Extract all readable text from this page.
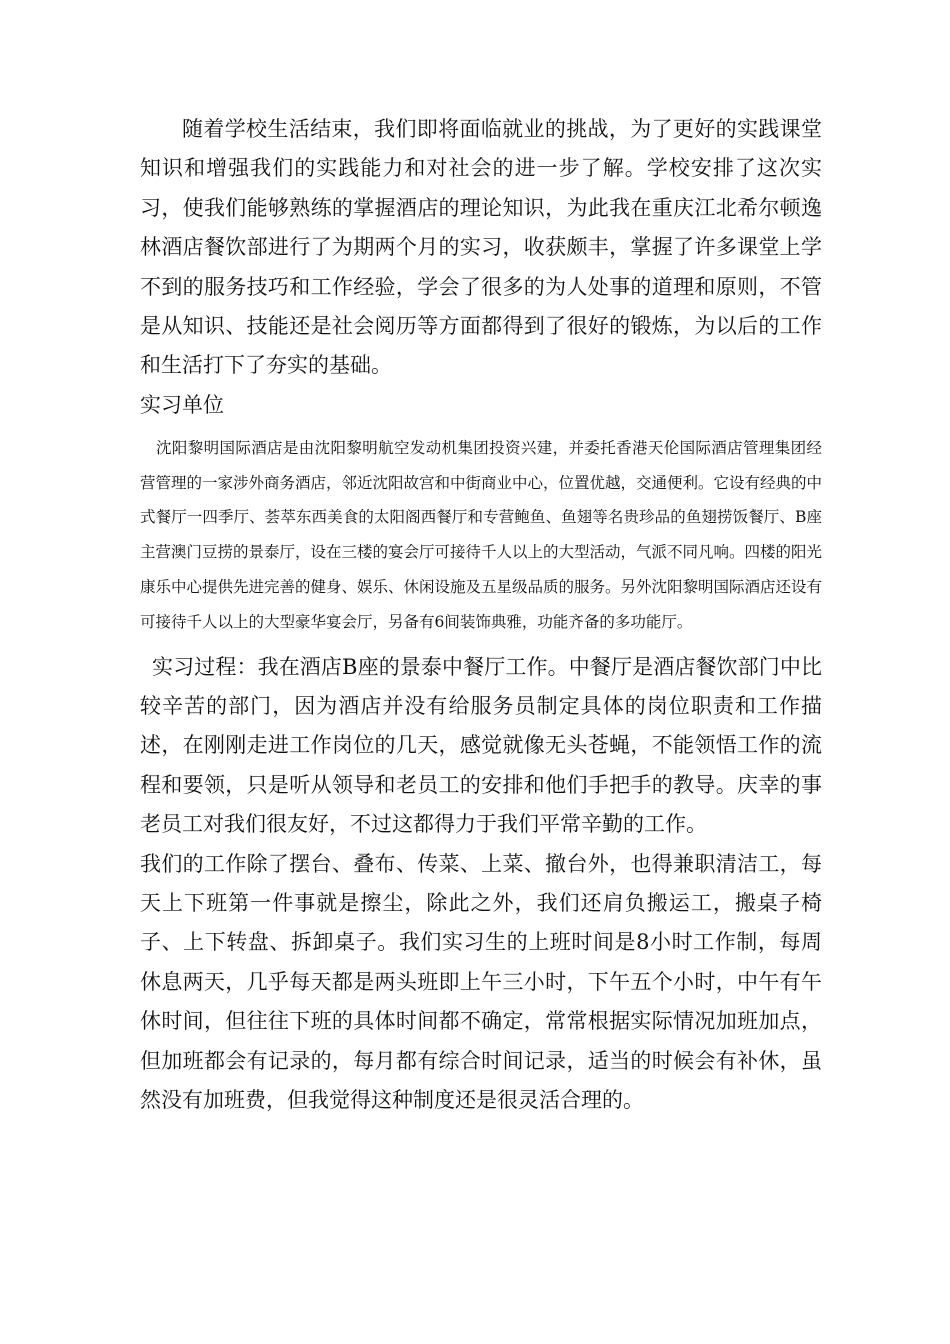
随着学校生活结束，我们即将面临就业的挑战，为了更好的实践课堂知识和增强我们的实践能力和对社会的进一步了解。学校安排了这次实习，使我们能够熟练的掌握酒店的理论知识，为此我在重庆江北希尔顿逸林酒店餐饮部进行了为期两个月的实习，收获颇丰，掌握了许多课堂上学不到的服务技巧和工作经验，学会了很多的为人处事的道理和原则，不管是从知识、技能还是社会阅历等方面都得到了很好的锻炼，为以后的工作和生活打下了夯实的基础。

实习单位

沈阳黎明国际酒店是由沈阳黎明航空发动机集团投资兴建，并委托香港天伦国际酒店管理集团经营管理的一家涉外商务酒店，邻近沈阳故宫和中街商业中心，位置优越，交通便利。它设有经典的中式餐厅一四季厅、荟萃东西美食的太阳阁西餐厅和专营鲍鱼、鱼翅等名贵珍品的鱼翅捞饭餐厅、B座主营澳门豆捞的景泰厅，设在三楼的宴会厅可接待千人以上的大型活动，气派不同凡响。四楼的阳光康乐中心提供先进完善的健身、娱乐、休闲设施及五星级品质的服务。另外沈阳黎明国际酒店还设有可接待千人以上的大型豪华宴会厅，另备有6间装饰典雅，功能齐备的多功能厅。

实习过程：我在酒店B座的景泰中餐厅工作。中餐厅是酒店餐饮部门中比较辛苦的部门，因为酒店并没有给服务员制定具体的岗位职责和工作描述，在刚刚走进工作岗位的几天，感觉就像无头苍蝇，不能领悟工作的流程和要领，只是听从领导和老员工的安排和他们手把手的教导。庆幸的事老员工对我们很友好，不过这都得力于我们平常辛勤的工作。

我们的工作除了摆台、叠布、传菜、上菜、撤台外，也得兼职清洁工，每天上下班第一件事就是擦尘，除此之外，我们还肩负搬运工，搬桌子椅子、上下转盘、拆卸桌子。我们实习生的上班时间是8小时工作制，每周休息两天，几乎每天都是两头班即上午三小时，下午五个小时，中午有午休时间，但往往下班的具体时间都不确定，常常根据实际情况加班加点，但加班都会有记录的，每月都有综合时间记录，适当的时候会有补休，虽然没有加班费，但我觉得这种制度还是很灵活合理的。
